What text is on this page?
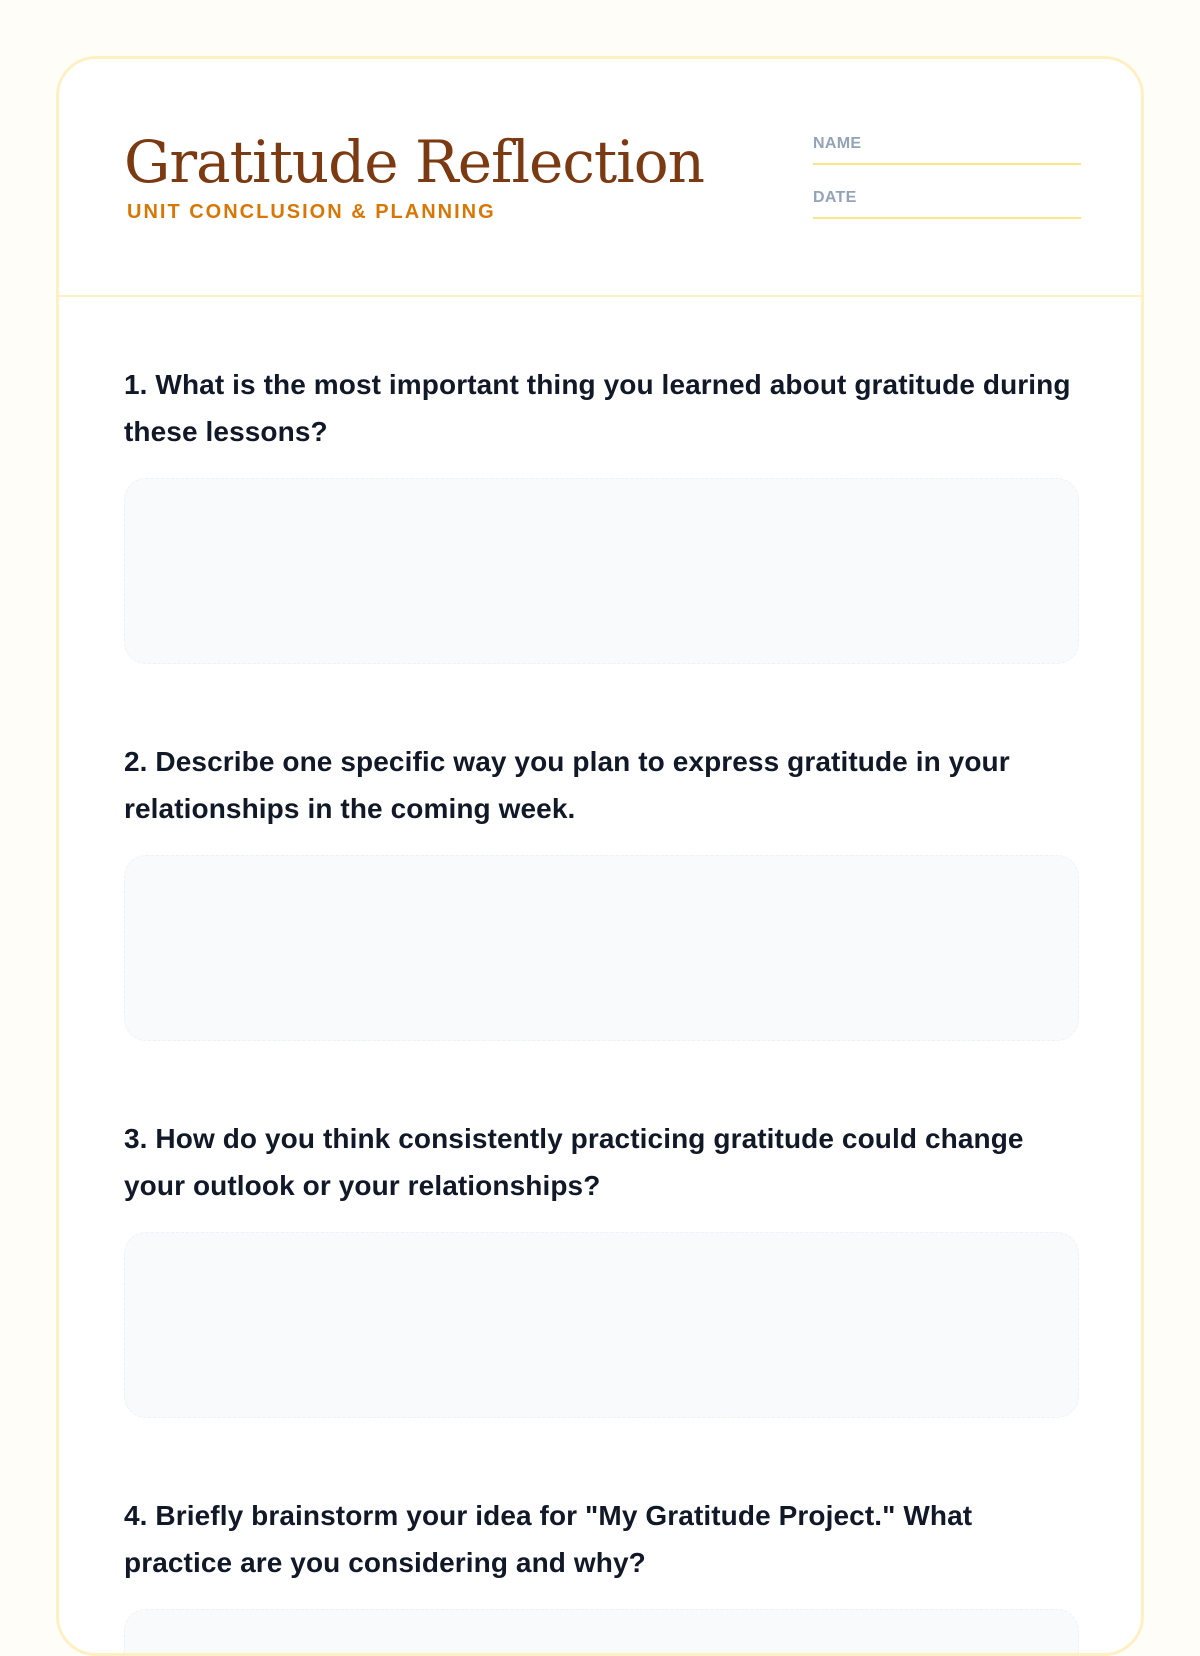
Gratitude Reflection
UNIT CONCLUSION & PLANNING
NAME
DATE

1. What is the most important thing you learned about gratitude during these lessons?

2. Describe one specific way you plan to express gratitude in your relationships in the coming week.

3. How do you think consistently practicing gratitude could change your outlook or your relationships?

4. Briefly brainstorm your idea for "My Gratitude Project." What practice are you considering and why?
